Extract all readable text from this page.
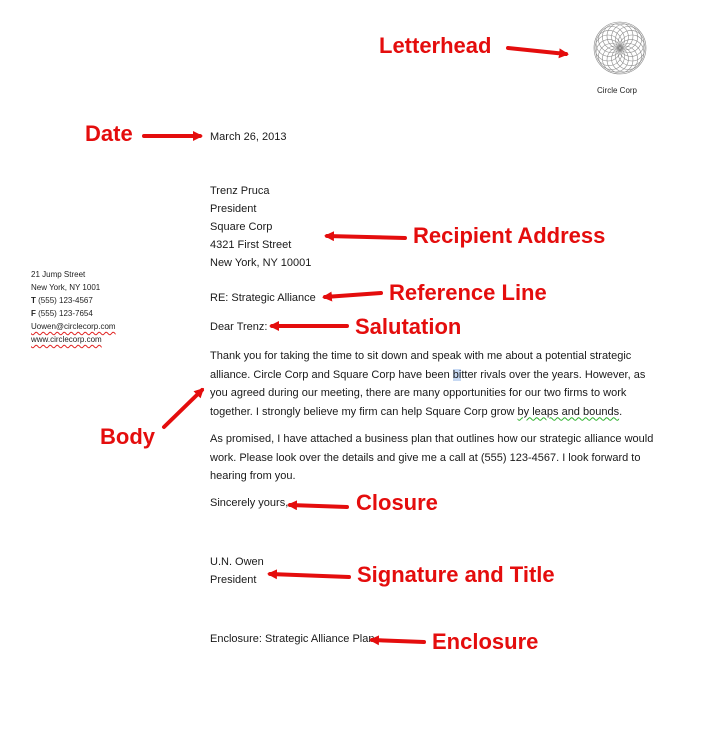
Circle Corp
March 26, 2013
Trenz Pruca
President
Square Corp
4321 First Street
New York, NY 10001
21 Jump Street
New York, NY 1001
T (555) 123-4567
F (555) 123-7654
Uowen@circlecorp.com
www.circlecorp.com
RE: Strategic Alliance
Dear Trenz:
Thank you for taking the time to sit down and speak with me about a potential strategic alliance. Circle Corp and Square Corp have been bitter rivals over the years. However, as you agreed during our meeting, there are many opportunities for our two firms to work together. I strongly believe my firm can help Square Corp grow by leaps and bounds.
As promised, I have attached a business plan that outlines how our strategic alliance would work. Please look over the details and give me a call at (555) 123-4567. I look forward to hearing from you.
Sincerely yours,
U.N. Owen
President
Enclosure: Strategic Alliance Plan
Letterhead
Date
Recipient Address
Reference Line
Salutation
Body
Closure
Signature and Title
Enclosure
